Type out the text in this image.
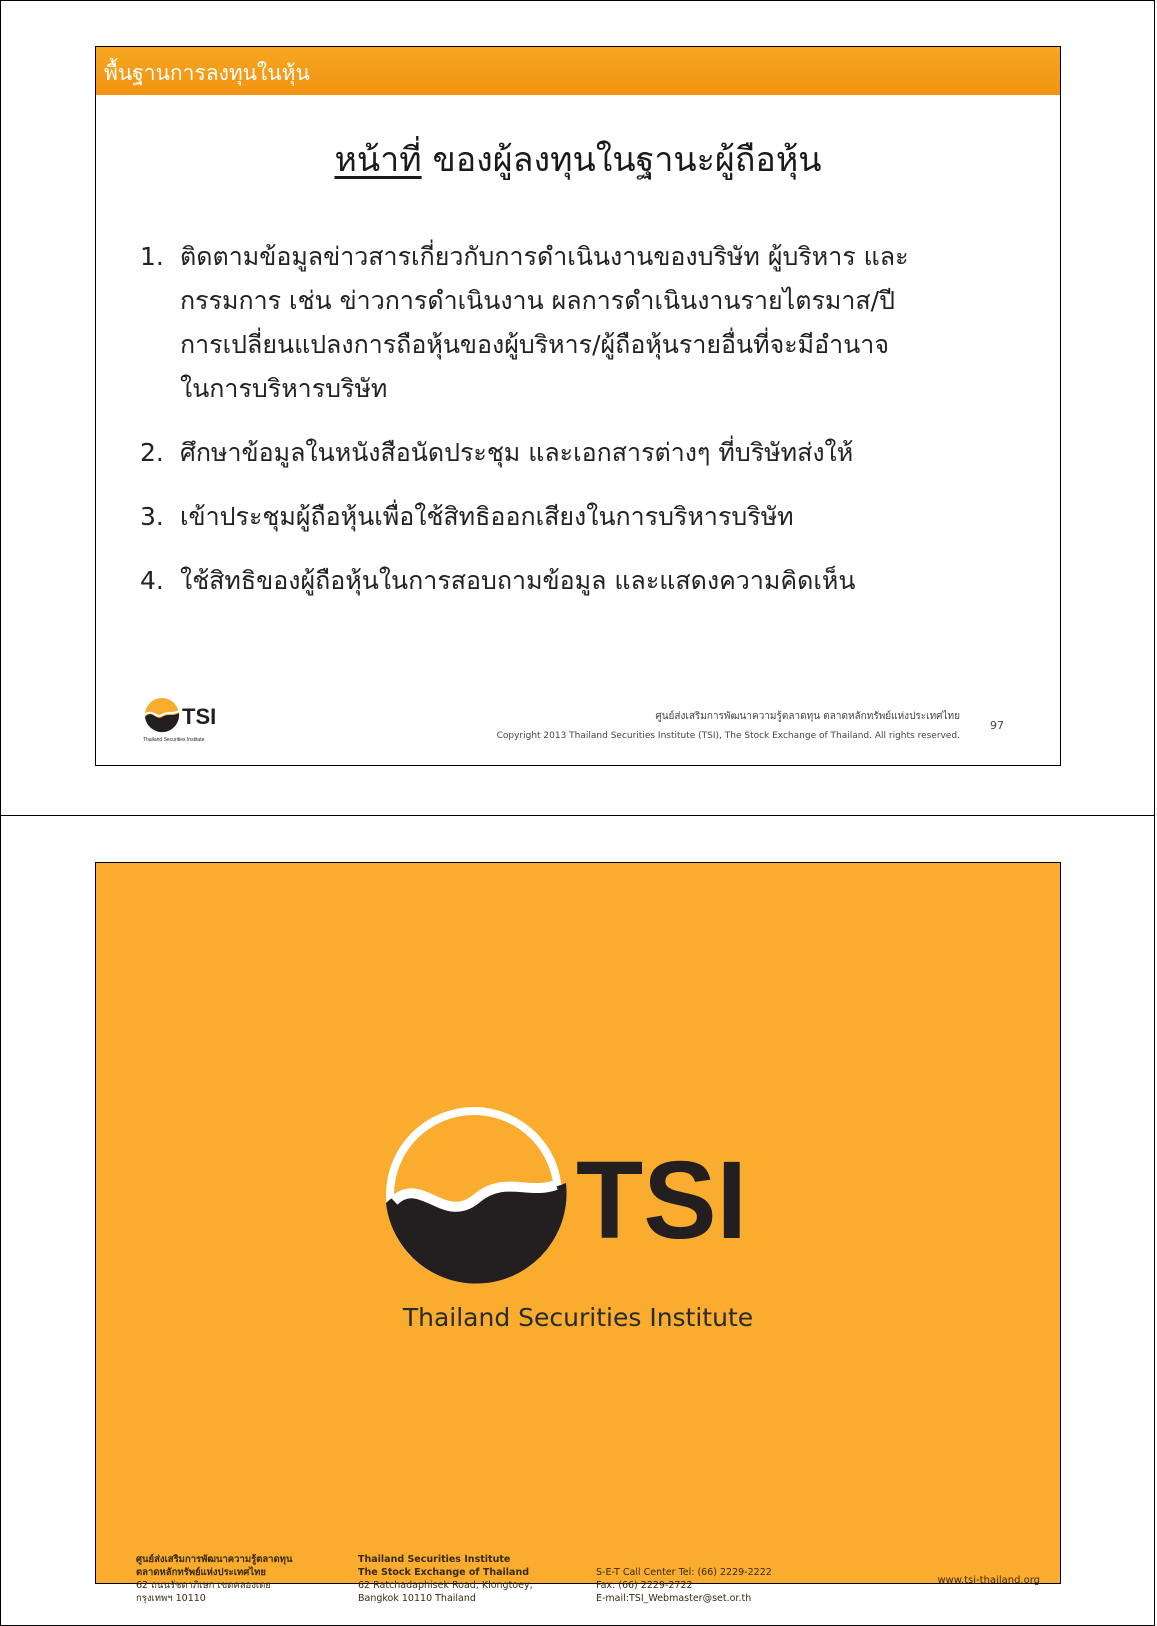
พื้นฐานการลงทุนในหุ้น
หน้าที่ ของผู้ลงทุนในฐานะผู้ถือหุ้น
1. ติดตามข้อมูลข่าวสารเกี่ยวกับการดำเนินงานของบริษัท ผู้บริหาร และ
กรรมการ เช่น ข่าวการดำเนินงาน ผลการดำเนินงานรายไตรมาส/ปี
การเปลี่ยนแปลงการถือหุ้นของผู้บริหาร/ผู้ถือหุ้นรายอื่นที่จะมีอำนาจ
ในการบริหารบริษัท
2. ศึกษาข้อมูลในหนังสือนัดประชุม และเอกสารต่างๆ ที่บริษัทส่งให้
3. เข้าประชุมผู้ถือหุ้นเพื่อใช้สิทธิออกเสียงในการบริหารบริษัท
4. ใช้สิทธิของผู้ถือหุ้นในการสอบถามข้อมูล และแสดงความคิดเห็น
TSI
Thailand Securities Institute
ศูนย์ส่งเสริมการพัฒนาความรู้ตลาดทุน ตลาดหลักทรัพย์แห่งประเทศไทย
Copyright 2013 Thailand Securities Institute (TSI), The Stock Exchange of Thailand. All rights reserved.
97
TSI
Thailand Securities Institute
ศูนย์ส่งเสริมการพัฒนาความรู้ตลาดทุน
ตลาดหลักทรัพย์แห่งประเทศไทย
62 ถนนรัชดาภิเษก เขตคลองเตย
กรุงเทพฯ 10110
Thailand Securities Institute
The Stock Exchange of Thailand
62 Ratchadaphisek Road, Klongtoey,
Bangkok 10110 Thailand
S-E-T Call Center Tel: (66) 2229-2222
Fax: (66) 2229-2722
E-mail:TSI_Webmaster@set.or.th
www.tsi-thailand.org
